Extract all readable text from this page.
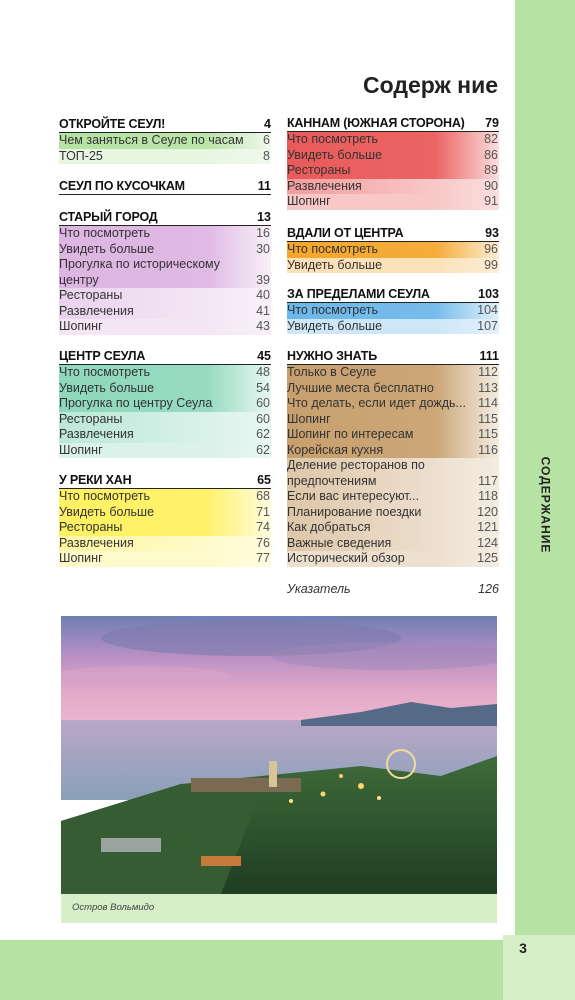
СОДЕРЖАНИЕ
3
Содерж ние
Указатель	126
Остров Вольмидо
ОТКРОЙТЕ СЕУЛ!	4
Чем заняться в Сеуле по часам 6
ТОП-25	8
СЕУЛ ПО КУСОЧКАМ	11
СТАРЫЙ ГОРОД	13
Что посмотреть	16
Увидеть больше	30
Прогулка по историческому центру	39
Рестораны	40
Развлечения	41
Шопинг	43
ЦЕНТР СЕУЛА	45
Что посмотреть	48
Увидеть больше	54
Прогулка по центру Сеула	60
Рестораны	60
Развлечения	62
Шопинг	62
У РЕКИ ХАН	65
Что посмотреть	68
Увидеть больше	71
Рестораны	74
Развлечения	76
Шопинг	77
КАННАМ (ЮЖНАЯ СТОРОНА) 79
Что посмотреть	82
Увидеть больше	86
Рестораны	89
Развлечения	90
Шопинг	91
ВДАЛИ ОТ ЦЕНТРА	93
Что посмотреть	96
Увидеть больше	99
ЗА ПРЕДЕЛАМИ СЕУЛА	103
Что посмотреть	104
Увидеть больше	107
НУЖНО ЗНАТЬ	111
Только в Сеуле	112
Лучшие места бесплатно	113
Что делать, если идет дождь... 114
Шопинг	115
Шопинг по интересам	115
Корейская кухня	116
Деление ресторанов по предпочтениям	117
Если вас интересуют...	118
Планирование поездки	120
Как добраться	121
Важные сведения	124
Исторический обзор	125
